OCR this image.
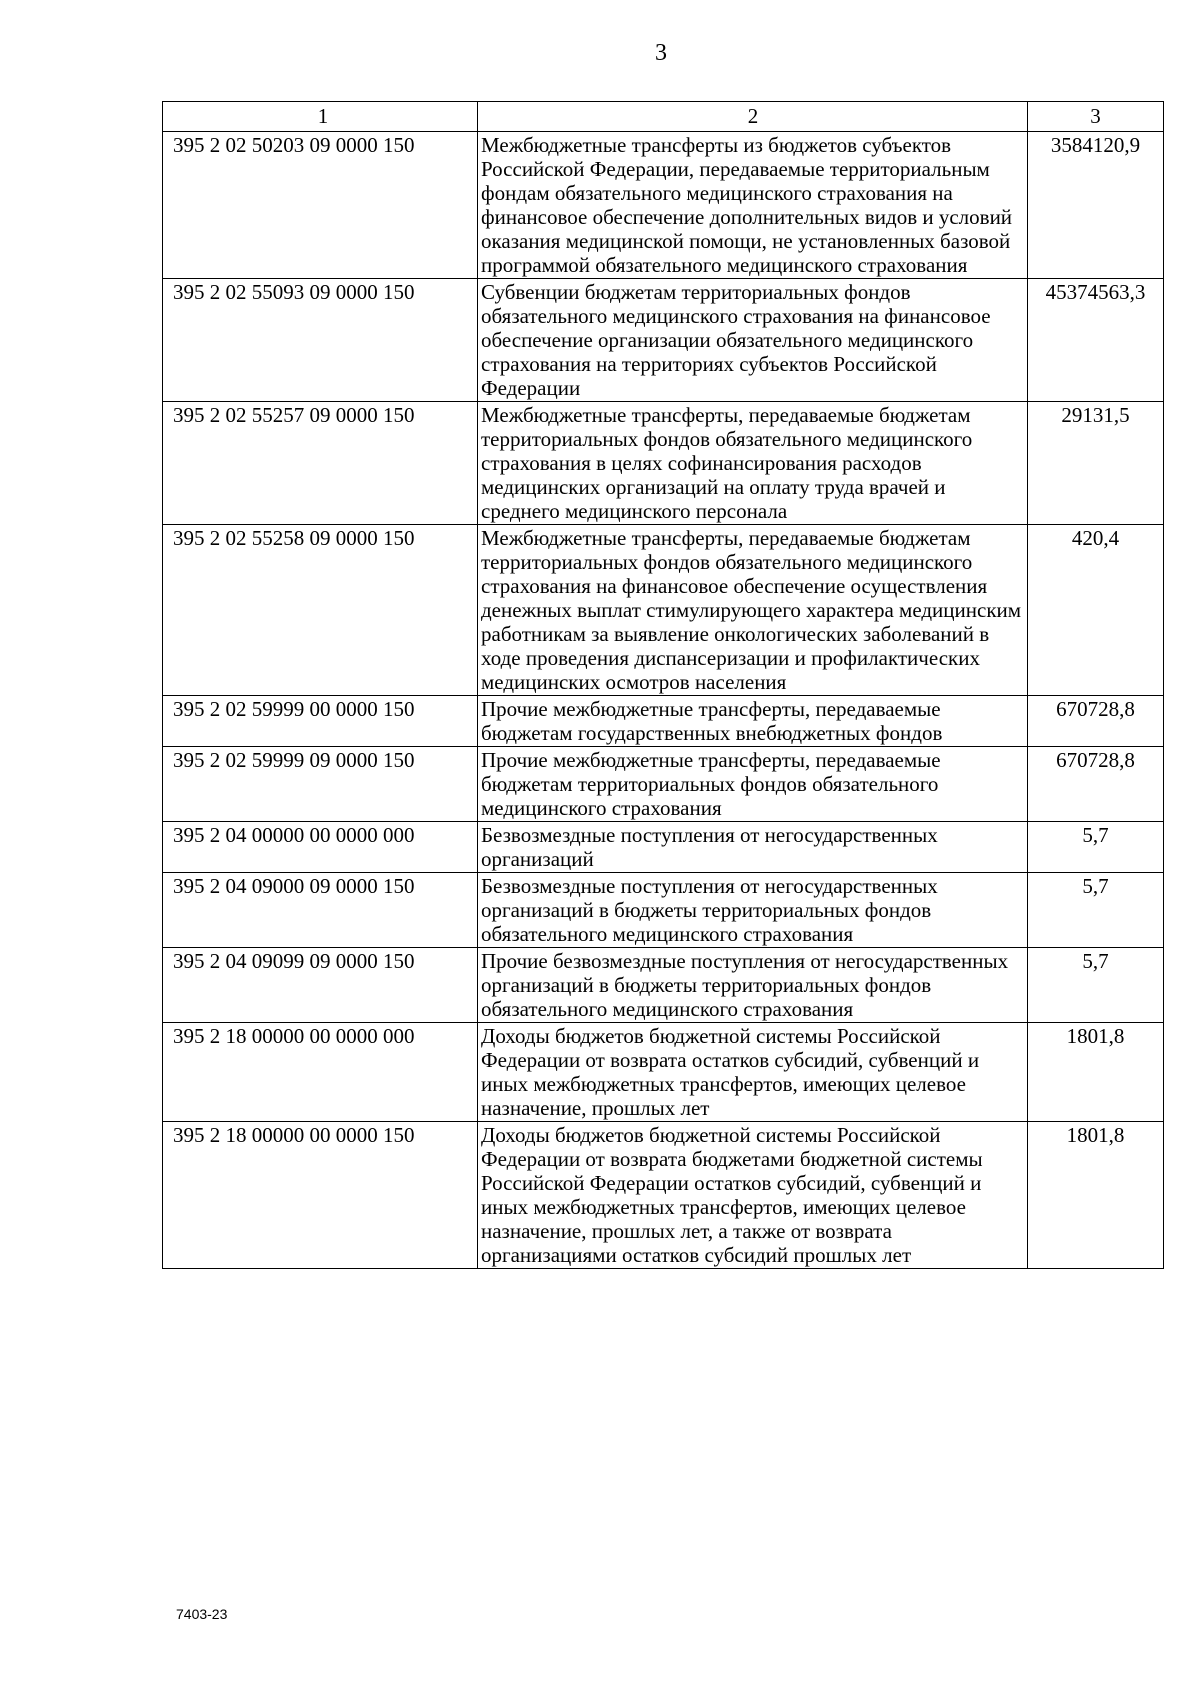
3
1	2	3
395 2 02 50203 09 0000 150	Межбюджетные трансферты из бюджетов субъектов Российской Федерации, передаваемые территориальным фондам обязательного медицинского страхования на финансовое обеспечение дополнительных видов и условий оказания медицинской помощи, не установленных базовой программой обязательного медицинского страхования	3584120,9
395 2 02 55093 09 0000 150	Субвенции бюджетам территориальных фондов обязательного медицинского страхования на финансовое обеспечение организации обязательного медицинского страхования на территориях субъектов Российской Федерации	45374563,3
395 2 02 55257 09 0000 150	Межбюджетные трансферты, передаваемые бюджетам территориальных фондов обязательного медицинского страхования в целях софинансирования расходов медицинских организаций на оплату труда врачей и среднего медицинского персонала	29131,5
395 2 02 55258 09 0000 150	Межбюджетные трансферты, передаваемые бюджетам территориальных фондов обязательного медицинского страхования на финансовое обеспечение осуществления денежных выплат стимулирующего характера медицинским работникам за выявление онкологических заболеваний в ходе проведения диспансеризации и профилактических медицинских осмотров населения	420,4
395 2 02 59999 00 0000 150	Прочие межбюджетные трансферты, передаваемые бюджетам государственных внебюджетных фондов	670728,8
395 2 02 59999 09 0000 150	Прочие межбюджетные трансферты, передаваемые бюджетам территориальных фондов обязательного медицинского страхования	670728,8
395 2 04 00000 00 0000 000	Безвозмездные поступления от негосударственных организаций	5,7
395 2 04 09000 09 0000 150	Безвозмездные поступления от негосударственных организаций в бюджеты территориальных фондов обязательного медицинского страхования	5,7
395 2 04 09099 09 0000 150	Прочие безвозмездные поступления от негосударственных организаций в бюджеты территориальных фондов обязательного медицинского страхования	5,7
395 2 18 00000 00 0000 000	Доходы бюджетов бюджетной системы Российской Федерации от возврата остатков субсидий, субвенций и иных межбюджетных трансфертов, имеющих целевое назначение, прошлых лет	1801,8
395 2 18 00000 00 0000 150	Доходы бюджетов бюджетной системы Российской Федерации от возврата бюджетами бюджетной системы Российской Федерации остатков субсидий, субвенций и иных межбюджетных трансфертов, имеющих целевое назначение, прошлых лет, а также от возврата организациями остатков субсидий прошлых лет	1801,8
7403-23
